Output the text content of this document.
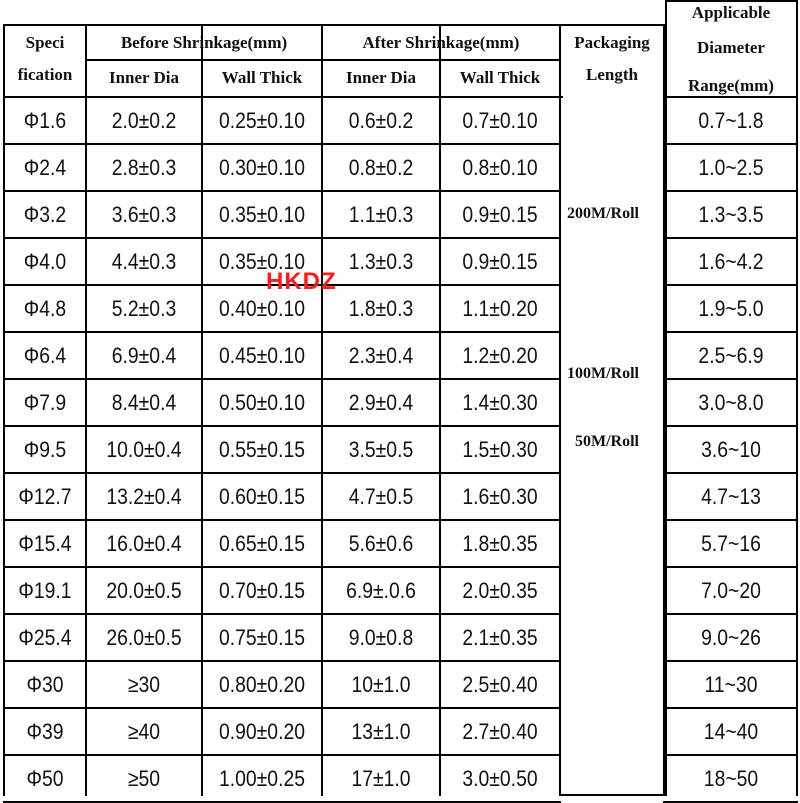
Speci
fication
Before Shrinkage(mm)
Inner Dia	Wall Thick
After Shrinkage(mm)
Inner Dia	Wall Thick
Packaging
Length
Applicable
Diameter
Range(mm)
Φ1.6	2.0±0.2	0.25±0.10	0.6±0.2	0.7±0.10	0.7~1.8
Φ2.4	2.8±0.3	0.30±0.10	0.8±0.2	0.8±0.10	1.0~2.5
Φ3.2	3.6±0.3	0.35±0.10	1.1±0.3	0.9±0.15	1.3~3.5
Φ4.0	4.4±0.3	0.35±0.10	1.3±0.3	0.9±0.15	1.6~4.2
Φ4.8	5.2±0.3	0.40±0.10	1.8±0.3	1.1±0.20	1.9~5.0
Φ6.4	6.9±0.4	0.45±0.10	2.3±0.4	1.2±0.20	2.5~6.9
Φ7.9	8.4±0.4	0.50±0.10	2.9±0.4	1.4±0.30	3.0~8.0
Φ9.5	10.0±0.4	0.55±0.15	3.5±0.5	1.5±0.30	3.6~10
Φ12.7	13.2±0.4	0.60±0.15	4.7±0.5	1.6±0.30	4.7~13
Φ15.4	16.0±0.4	0.65±0.15	5.6±0.6	1.8±0.35	5.7~16
Φ19.1	20.0±0.5	0.70±0.15	6.9±.0.6	2.0±0.35	7.0~20
Φ25.4	26.0±0.5	0.75±0.15	9.0±0.8	2.1±0.35	9.0~26
Φ30	≥30	0.80±0.20	10±1.0	2.5±0.40	11~30
Φ39	≥40	0.90±0.20	13±1.0	2.7±0.40	14~40
Φ50	≥50	1.00±0.25	17±1.0	3.0±0.50	18~50
200M/Roll
100M/Roll
50M/Roll
HKDZ
